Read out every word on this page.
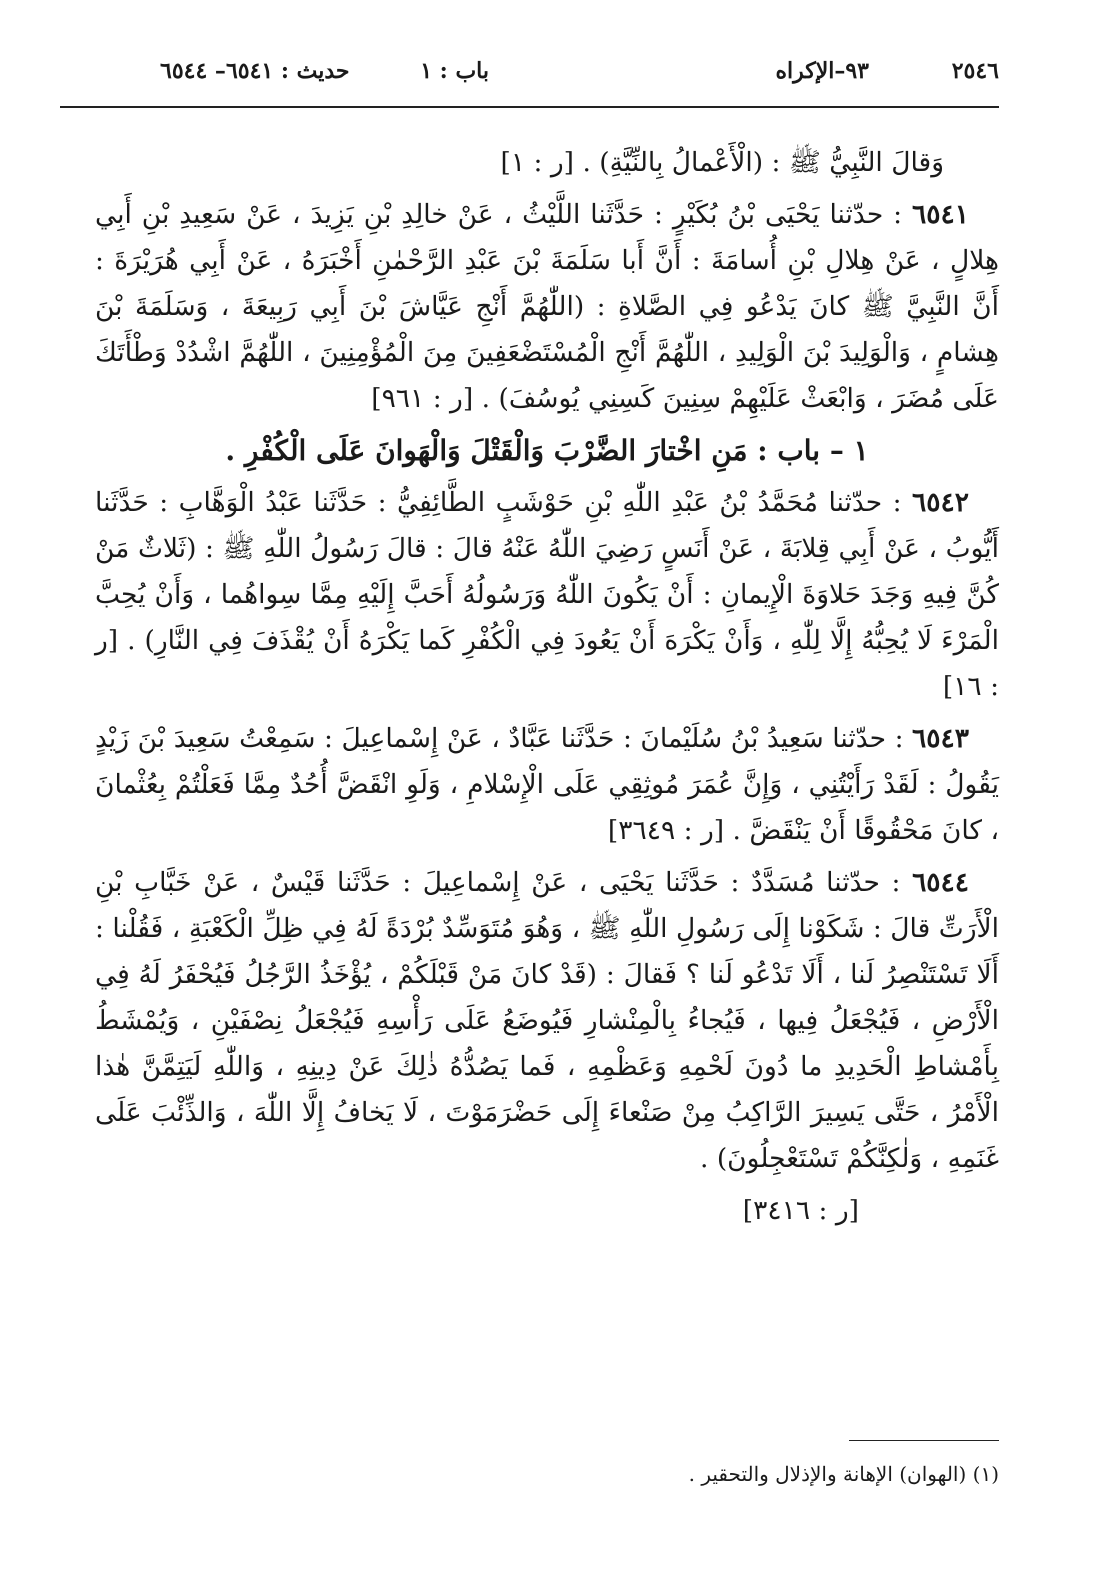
٢٥٤٦
٩٣–الإكراه
باب : ١
حديث : ٦٥٤١– ٦٥٤٤

وَقالَ النَّبِيُّ ﷺ : (الْأَعْمالُ بِالنِّيَّةِ) . [ر : ١]

٦٥٤١ : حدّثنا يَحْيَى بْنُ بُكَيْرٍ : حَدَّثَنا اللَّيْثُ ، عَنْ خالِدِ بْنِ يَزِيدَ ، عَنْ سَعِيدِ بْنِ أَبِي هِلالٍ ، عَنْ هِلالِ بْنِ أُسامَةَ : أَنَّ أَبا سَلَمَةَ بْنَ عَبْدِ الرَّحْمٰنِ أَخْبَرَهُ ، عَنْ أَبِي هُرَيْرَةَ : أَنَّ النَّبِيَّ ﷺ كانَ يَدْعُو فِي الصَّلاةِ : (اللّٰهُمَّ أَنْجِ عَيَّاشَ بْنَ أَبِي رَبِيعَةَ ، وَسَلَمَةَ بْنَ هِشامٍ ، وَالْوَلِيدَ بْنَ الْوَلِيدِ ، اللّٰهُمَّ أَنْجِ الْمُسْتَضْعَفِينَ مِنَ الْمُؤْمِنِينَ ، اللّٰهُمَّ اشْدُدْ وَطْأَتَكَ عَلَى مُضَرَ ، وَابْعَثْ عَلَيْهِمْ سِنِينَ كَسِنِي يُوسُفَ) . [ر : ٩٦١]

١ – باب : مَنِ اخْتارَ الضَّرْبَ وَالْقَتْلَ وَالْهَوانَ عَلَى الْكُفْرِ .

٦٥٤٢ : حدّثنا مُحَمَّدُ بْنُ عَبْدِ اللّٰهِ بْنِ حَوْشَبٍ الطَّائِفِيُّ : حَدَّثَنا عَبْدُ الْوَهَّابِ : حَدَّثَنا أَيُّوبُ ، عَنْ أَبِي قِلابَةَ ، عَنْ أَنَسٍ رَضِيَ اللّٰهُ عَنْهُ قالَ : قالَ رَسُولُ اللّٰهِ ﷺ : (ثَلاثٌ مَنْ كُنَّ فِيهِ وَجَدَ حَلاوَةَ الْإِيمانِ : أَنْ يَكُونَ اللّٰهُ وَرَسُولُهُ أَحَبَّ إِلَيْهِ مِمَّا سِواهُما ، وَأَنْ يُحِبَّ الْمَرْءَ لَا يُحِبُّهُ إِلَّا لِلّٰهِ ، وَأَنْ يَكْرَهَ أَنْ يَعُودَ فِي الْكُفْرِ كَما يَكْرَهُ أَنْ يُقْذَفَ فِي النَّارِ) . [ر : ١٦]

٦٥٤٣ : حدّثنا سَعِيدُ بْنُ سُلَيْمانَ : حَدَّثَنا عَبَّادٌ ، عَنْ إِسْماعِيلَ : سَمِعْتُ سَعِيدَ بْنَ زَيْدٍ يَقُولُ : لَقَدْ رَأَيْتُنِي ، وَإِنَّ عُمَرَ مُوثِقِي عَلَى الْإِسْلامِ ، وَلَوِ انْقَضَّ أُحُدٌ مِمَّا فَعَلْتُمْ بِعُثْمانَ ، كانَ مَحْقُوقًا أَنْ يَنْقَضَّ . [ر : ٣٦٤٩]

٦٥٤٤ : حدّثنا مُسَدَّدٌ : حَدَّثَنا يَحْيَى ، عَنْ إِسْماعِيلَ : حَدَّثَنا قَيْسٌ ، عَنْ خَبَّابِ بْنِ الْأَرَتِّ قالَ : شَكَوْنا إِلَى رَسُولِ اللّٰهِ ﷺ ، وَهُوَ مُتَوَسِّدٌ بُرْدَةً لَهُ فِي ظِلِّ الْكَعْبَةِ ، فَقُلْنا : أَلَا تَسْتَنْصِرُ لَنا ، أَلَا تَدْعُو لَنا ؟ فَقالَ : (قَدْ كانَ مَنْ قَبْلَكُمْ ، يُؤْخَذُ الرَّجُلُ فَيُحْفَرُ لَهُ فِي الْأَرْضِ ، فَيُجْعَلُ فِيها ، فَيُجاءُ بِالْمِنْشارِ فَيُوضَعُ عَلَى رَأْسِهِ فَيُجْعَلُ نِصْفَيْنِ ، وَيُمْشَطُ بِأَمْشاطِ الْحَدِيدِ ما دُونَ لَحْمِهِ وَعَظْمِهِ ، فَما يَصُدُّهُ ذٰلِكَ عَنْ دِينِهِ ، وَاللّٰهِ لَيَتِمَّنَّ هٰذا الْأَمْرُ ، حَتَّى يَسِيرَ الرَّاكِبُ مِنْ صَنْعاءَ إِلَى حَضْرَمَوْتَ ، لَا يَخافُ إِلَّا اللّٰهَ ، وَالذِّئْبَ عَلَى غَنَمِهِ ، وَلٰكِنَّكُمْ تَسْتَعْجِلُونَ) .

[ر : ٣٤١٦]

(١) (الهوان) الإهانة والإذلال والتحقير .
